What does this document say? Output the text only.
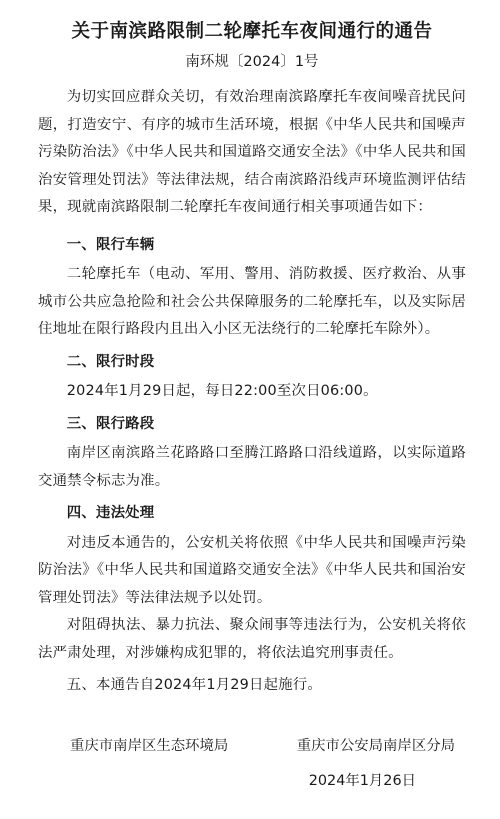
关于南滨路限制二轮摩托车夜间通行的通告
南环规〔2024〕1号

为切实回应群众关切，有效治理南滨路摩托车夜间噪音扰民问题，打造安宁、有序的城市生活环境，根据《中华人民共和国噪声污染防治法》《中华人民共和国道路交通安全法》《中华人民共和国治安管理处罚法》等法律法规，结合南滨路沿线声环境监测评估结果，现就南滨路限制二轮摩托车夜间通行相关事项通告如下：

一、限行车辆

二轮摩托车（电动、军用、警用、消防救援、医疗救治、从事城市公共应急抢险和社会公共保障服务的二轮摩托车，以及实际居住地址在限行路段内且出入小区无法绕行的二轮摩托车除外）。

二、限行时段

2024年1月29日起，每日22:00至次日06:00。

三、限行路段

南岸区南滨路兰花路路口至腾江路路口沿线道路，以实际道路交通禁令标志为准。

四、违法处理

对违反本通告的，公安机关将依照《中华人民共和国噪声污染防治法》《中华人民共和国道路交通安全法》《中华人民共和国治安管理处罚法》等法律法规予以处罚。

对阻碍执法、暴力抗法、聚众闹事等违法行为，公安机关将依法严肃处理，对涉嫌构成犯罪的，将依法追究刑事责任。

五、本通告自2024年1月29日起施行。

重庆市南岸区生态环境局	重庆市公安局南岸区分局
2024年1月26日
